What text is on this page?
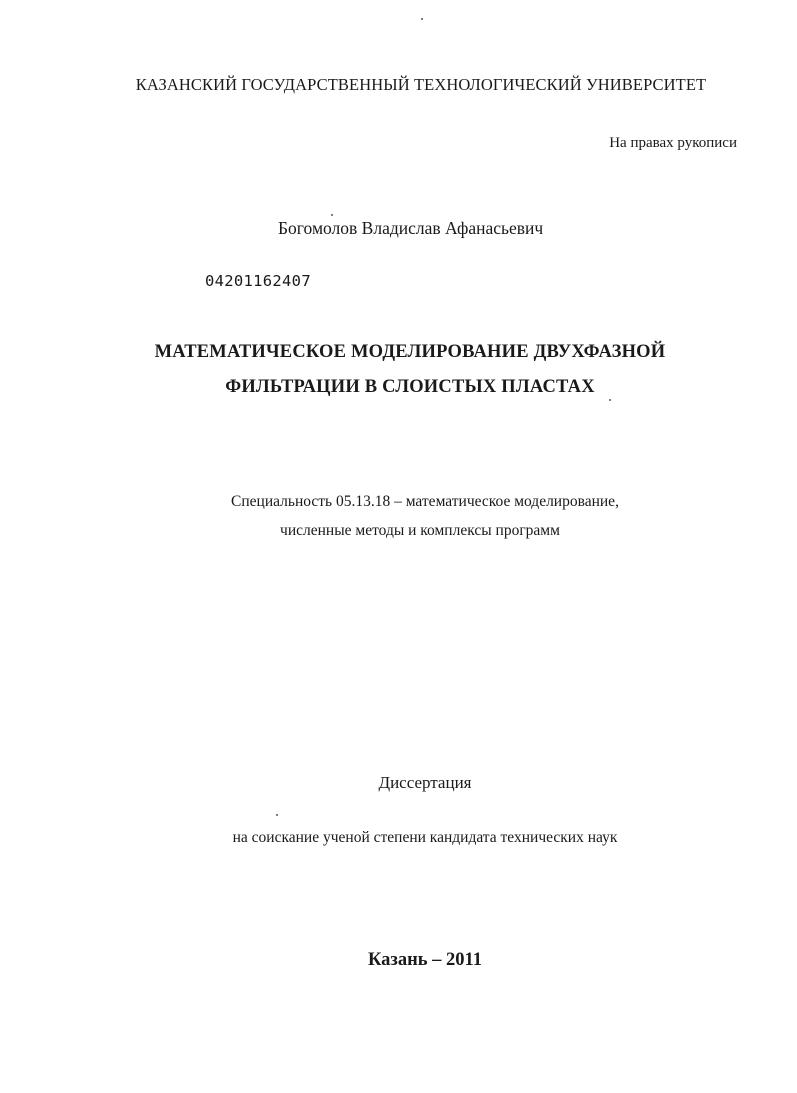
КАЗАНСКИЙ ГОСУДАРСТВЕННЫЙ ТЕХНОЛОГИЧЕСКИЙ УНИВЕРСИТЕТ
На правах рукописи
Богомолов Владислав Афанасьевич
04201162407
МАТЕМАТИЧЕСКОЕ МОДЕЛИРОВАНИЕ ДВУХФАЗНОЙ
ФИЛЬТРАЦИИ В СЛОИСТЫХ ПЛАСТАХ
Специальность 05.13.18 – математическое моделирование,
численные методы и комплексы программ
Диссертация
на соискание ученой степени кандидата технических наук
Казань – 2011
